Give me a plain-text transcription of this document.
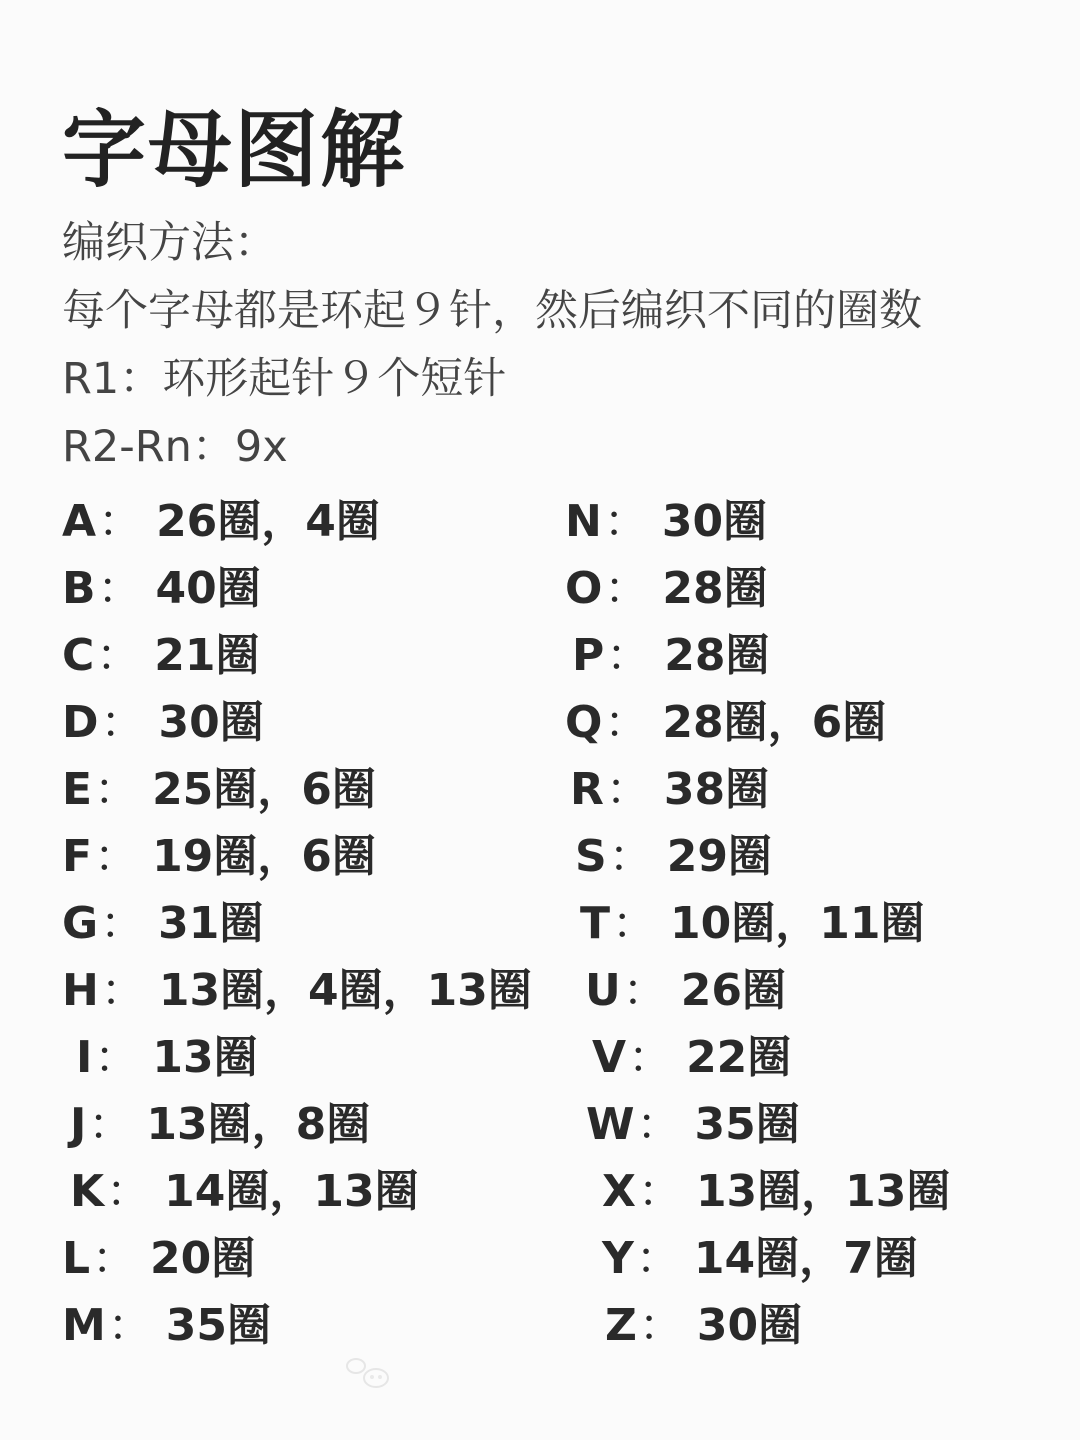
字母图解
编织方法：
每个字母都是环起９针，然后编织不同的圈数
R1：环形起针９个短针
R2-Rn：9x
A： 26圈，4圈
B： 40圈
C： 21圈
D： 30圈
E： 25圈，6圈
F： 19圈，6圈
G： 31圈
H： 13圈，4圈，13圈
I： 13圈
J： 13圈，8圈
K： 14圈，13圈
L： 20圈
M： 35圈
N： 30圈
O： 28圈
P： 28圈
Q： 28圈，6圈
R： 38圈
S： 29圈
T： 10圈，11圈
U： 26圈
V： 22圈
W： 35圈
X： 13圈，13圈
Y： 14圈，7圈
Z： 30圈
